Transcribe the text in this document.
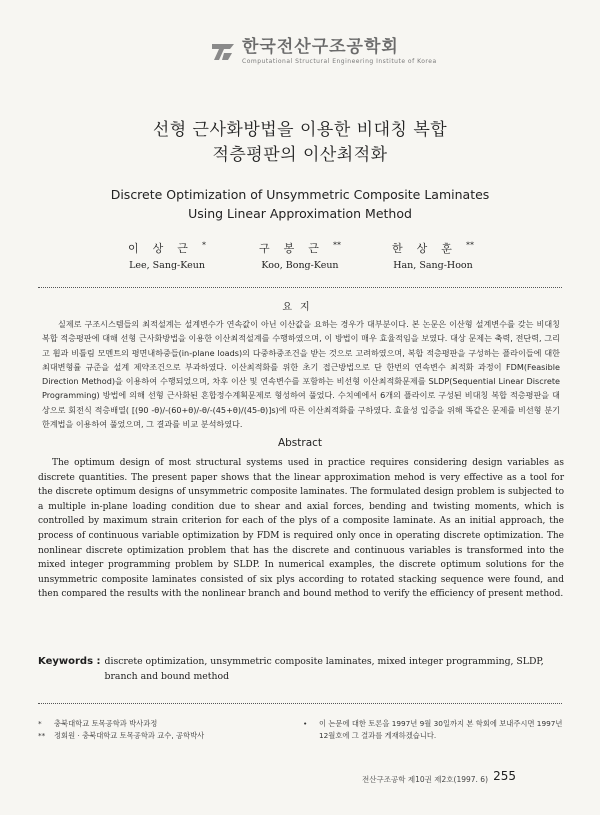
한국전산구조공학회
Computational Structural Engineering Institute of Korea
선형 근사화방법을 이용한 비대칭 복합
적층평판의 이산최적화
Discrete Optimization of Unsymmetric Composite Laminates
Using Linear Approximation Method
이상근*
Lee, Sang-Keun
구봉근**
Koo, Bong-Keun
한상훈**
Han, Sang-Hoon
요지
실제로 구조시스템들의 최적설계는 설계변수가 연속값이 아닌 이산값을 요하는 경우가 대부분이다. 본 논문은 이산형 설계변수를 갖는 비대칭 복합 적층평판에 대해 선형 근사화방법을 이용한 이산최적설계를 수행하였으며, 이 방법이 매우 효율적임을 보였다. 대상 문제는 축력, 전단력, 그리고 휨과 비틀림 모멘트의 평면내하중들(in-plane loads)의 다중하중조건을 받는 것으로 고려하였으며, 복합 적층평판을 구성하는 플라이들에 대한 최대변형률 규준을 설계 제약조건으로 부과하였다. 이산최적화를 위한 초기 접근방법으로 단 한번의 연속변수 최적화 과정이 FDM(Feasible Direction Method)을 이용하여 수행되었으며, 차후 이산 및 연속변수를 포함하는 비선형 이산최적화문제를 SLDP(Sequential Linear Discrete Programming) 방법에 의해 선형 근사화된 혼합정수계획문제로 형성하여 풀었다. 수치예에서 6개의 플라이로 구성된 비대칭 복합 적층평판을 대상으로 회전식 적층배열( [(90 -θ)/-(60+θ)/-θ/-(45+θ)/(45-θ)]s)에 따른 이산최적화를 구하였다. 효율성 입증을 위해 똑같은 문제를 비선형 분기한계법을 이용하여 풀었으며, 그 결과를 비교 분석하였다.
Abstract
The optimum design of most structural systems used in practice requires considering design variables as discrete quantities. The present paper shows that the linear approximation mehod is very effective as a tool for the discrete optimum designs of unsymmetric composite laminates. The formulated design problem is subjected to a multiple in-plane loading condition due to shear and axial forces, bending and twisting moments, which is controlled by maximum strain criterion for each of the plys of a composite laminate. As an initial approach, the process of continuous variable optimization by FDM is required only once in operating discrete optimization. The nonlinear discrete optimization problem that has the discrete and continuous variables is transformed into the mixed integer programming problem by SLDP. In numerical examples, the discrete optimum solutions for the unsymmetric composite laminates consisted of six plys according to rotated stacking sequence were found, and then compared the results with the nonlinear branch and bound method to verify the efficiency of present method.
Keywords : discrete optimization, unsymmetric composite laminates, mixed integer programming, SLDP, branch and bound method
*	충북대학교 토목공학과 박사과정
**	정회원 · 충북대학교 토목공학과 교수, 공학박사
•	이 논문에 대한 토론을 1997년 9월 30일까지 본 학회에 보내주시면 1997년 12월호에 그 결과를 게재하겠습니다.
전산구조공학 제10권 제2호(1997. 6) 255
